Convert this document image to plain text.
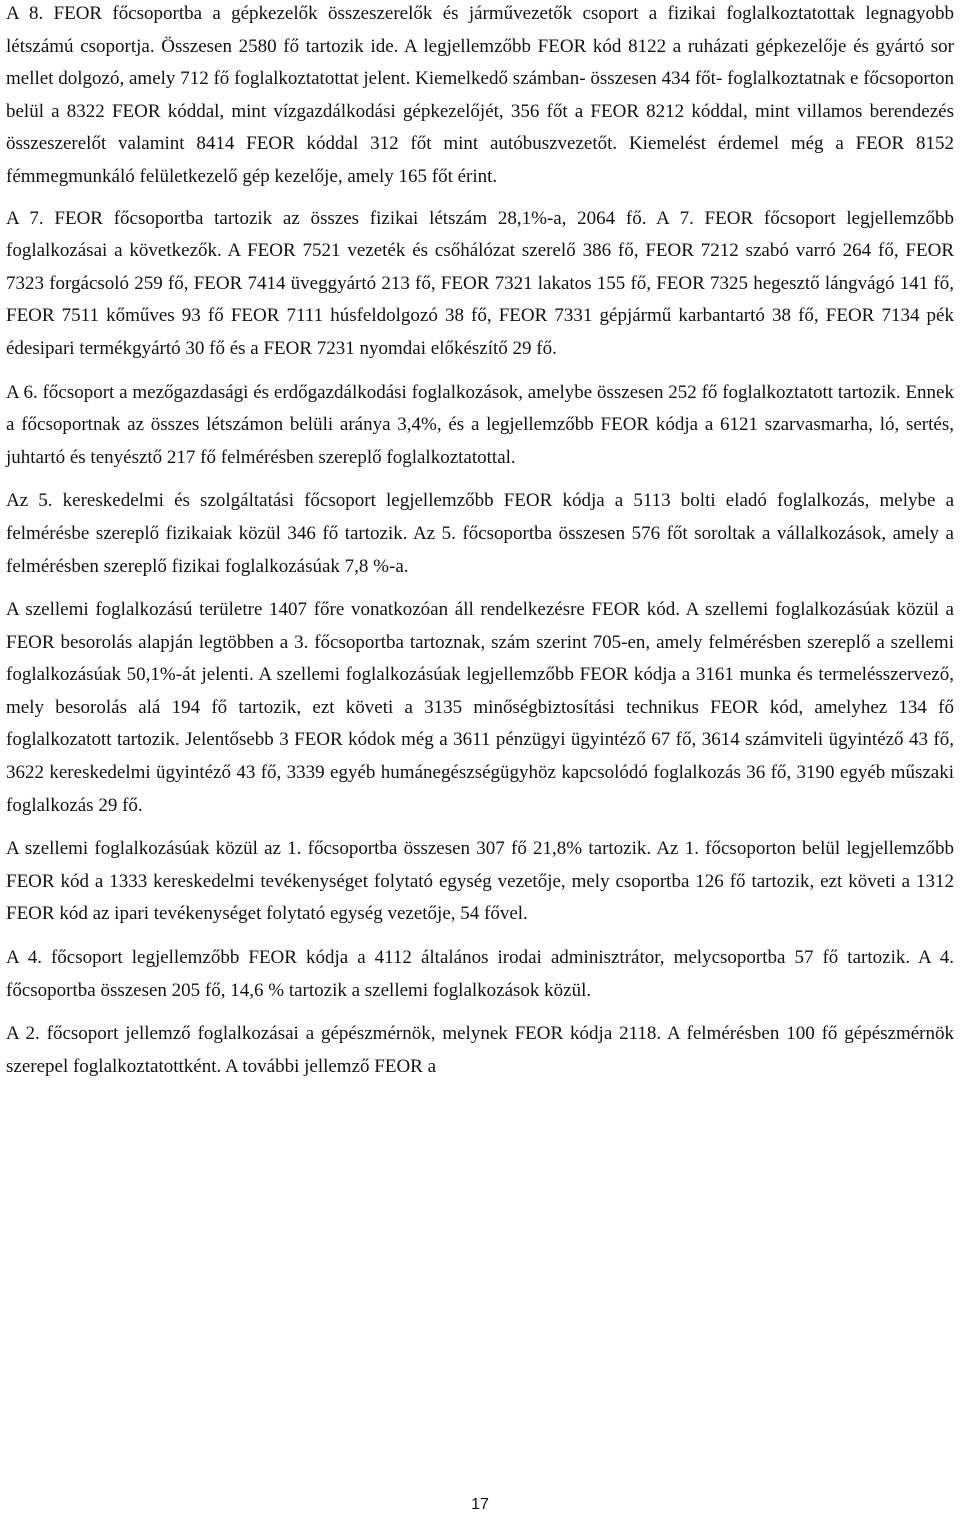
A 8. FEOR főcsoportba a gépkezelők összeszerelők és járművezetők csoport a fizikai foglalkoztatottak legnagyobb létszámú csoportja. Összesen 2580 fő tartozik ide. A legjellemzőbb FEOR kód 8122 a ruházati gépkezelője és gyártó sor mellet dolgozó, amely 712 fő foglalkoztatottat jelent. Kiemelkedő számban- összesen 434 főt- foglalkoztatnak e főcsoporton belül a 8322 FEOR kóddal, mint vízgazdálkodási gépkezelőjét, 356 főt a FEOR 8212 kóddal, mint villamos berendezés összeszerelőt valamint 8414 FEOR kóddal 312 főt mint autóbuszvezetőt. Kiemelést érdemel még a FEOR 8152 fémmegmunkáló felületkezelő gép kezelője, amely 165 főt érint.

A 7. FEOR főcsoportba tartozik az összes fizikai létszám 28,1%-a, 2064 fő. A 7. FEOR főcsoport legjellemzőbb foglalkozásai a következők. A FEOR 7521 vezeték és csőhálózat szerelő 386 fő, FEOR 7212 szabó varró 264 fő, FEOR 7323 forgácsoló 259 fő, FEOR 7414 üveggyártó 213 fő, FEOR 7321 lakatos 155 fő, FEOR 7325 hegesztő lángvágó 141 fő, FEOR 7511 kőműves 93 fő FEOR 7111 húsfeldolgozó 38 fő, FEOR 7331 gépjármű karbantartó 38 fő, FEOR 7134 pék édesipari termékgyártó 30 fő és a FEOR 7231 nyomdai előkészítő 29 fő.

A 6. főcsoport a mezőgazdasági és erdőgazdálkodási foglalkozások, amelybe összesen 252 fő foglalkoztatott tartozik. Ennek a főcsoportnak az összes létszámon belüli aránya 3,4%, és a legjellemzőbb FEOR kódja a 6121 szarvasmarha, ló, sertés, juhtartó és tenyésztő 217 fő felmérésben szereplő foglalkoztatottal.

Az 5. kereskedelmi és szolgáltatási főcsoport legjellemzőbb FEOR kódja a 5113 bolti eladó foglalkozás, melybe a felmérésbe szereplő fizikaiak közül 346 fő tartozik. Az 5. főcsoportba összesen 576 főt soroltak a vállalkozások, amely a felmérésben szereplő fizikai foglalkozásúak 7,8 %-a.

A szellemi foglalkozású területre 1407 főre vonatkozóan áll rendelkezésre FEOR kód. A szellemi foglalkozásúak közül a FEOR besorolás alapján legtöbben a 3. főcsoportba tartoznak, szám szerint 705-en, amely felmérésben szereplő a szellemi foglalkozásúak 50,1%-át jelenti. A szellemi foglalkozásúak legjellemzőbb FEOR kódja a 3161 munka és termelésszervező, mely besorolás alá 194 fő tartozik, ezt követi a 3135 minőségbiztosítási technikus FEOR kód, amelyhez 134 fő foglalkozatott tartozik. Jelentősebb 3 FEOR kódok még a 3611 pénzügyi ügyintéző 67 fő, 3614 számviteli ügyintéző 43 fő, 3622 kereskedelmi ügyintéző 43 fő, 3339 egyéb humánegészségügyhöz kapcsolódó foglalkozás 36 fő, 3190 egyéb műszaki foglalkozás 29 fő.

A szellemi foglalkozásúak közül az 1. főcsoportba összesen 307 fő 21,8% tartozik. Az 1. főcsoporton belül legjellemzőbb FEOR kód a 1333 kereskedelmi tevékenységet folytató egység vezetője, mely csoportba 126 fő tartozik, ezt követi a 1312 FEOR kód az ipari tevékenységet folytató egység vezetője, 54 fővel.

A 4. főcsoport legjellemzőbb FEOR kódja a 4112 általános irodai adminisztrátor, melycsoportba 57 fő tartozik. A 4. főcsoportba összesen 205 fő, 14,6 % tartozik a szellemi foglalkozások közül.

A 2. főcsoport jellemző foglalkozásai a gépészmérnök, melynek FEOR kódja 2118. A felmérésben 100 fő gépészmérnök szerepel foglalkoztatottként. A további jellemző FEOR a

17
